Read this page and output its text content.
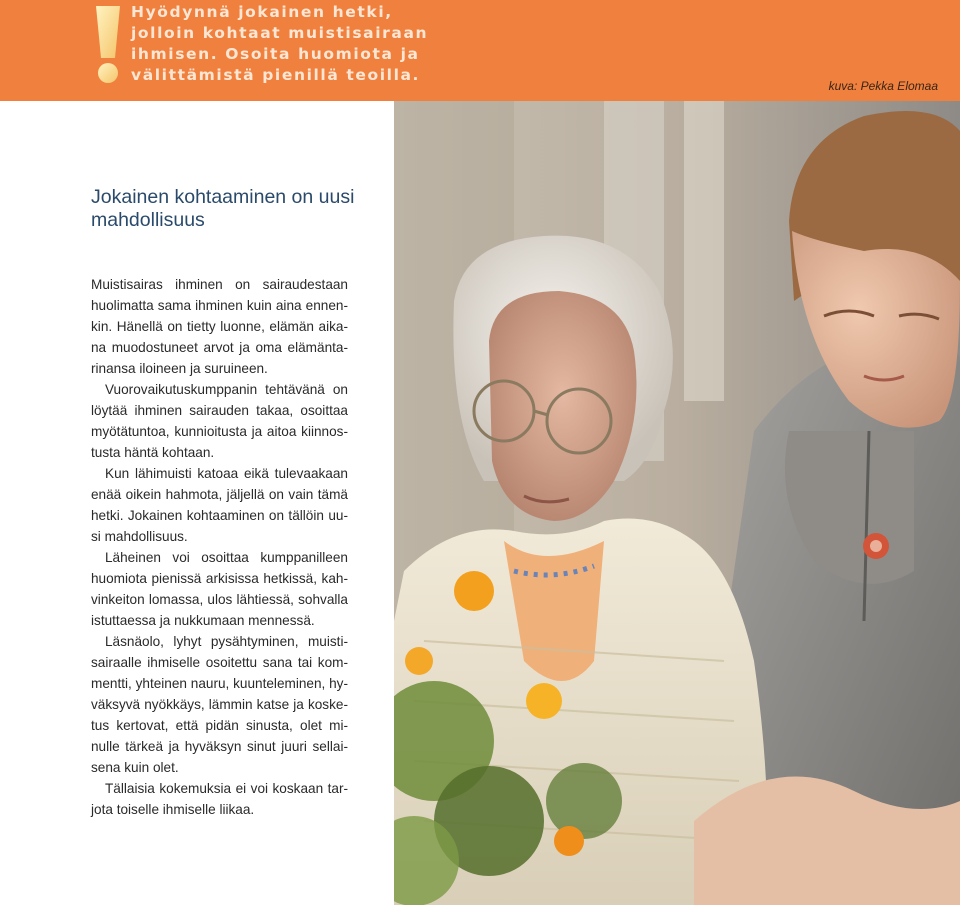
Hyödynnä jokainen hetki, jolloin kohtaat muistisairaan ihmisen. Osoita huomiota ja välittämistä pienillä teoilla.

kuva: Pekka Elomaa

Jokainen kohtaaminen on uusi mahdollisuus

Muistisairas ihminen on sairaudestaan huolimatta sama ihminen kuin aina ennen-kin. Hänellä on tietty luonne, elämän aika-na muodostuneet arvot ja oma elämänta-rinansa iloineen ja suruineen.

Vuorovaikutuskumppanin tehtävänä on löytää ihminen sairauden takaa, osoittaa myötätuntoa, kunnioitusta ja aitoa kiinnos-tusta häntä kohtaan.

Kun lähimuisti katoaa eikä tulevaakaan enää oikein hahmota, jäljellä on vain tämä hetki. Jokainen kohtaaminen on tällöin uu-si mahdollisuus.

Läheinen voi osoittaa kumppanilleen huomiota pienissä arkisissa hetkissä, kah-vinkeiton lomassa, ulos lähtiessä, sohvalla istuttaessa ja nukkumaan mennessä.

Läsnäolo, lyhyt pysähtyminen, muisti-sairaalle ihmiselle osoitettu sana tai kom-mentti, yhteinen nauru, kuunteleminen, hy-väksyvä nyökkäys, lämmin katse ja koske-tus kertovat, että pidän sinusta, olet mi-nulle tärkeä ja hyväksyn sinut juuri sellai-sena kuin olet.

Tällaisia kokemuksia ei voi koskaan tar-jota toiselle ihmiselle liikaa.
